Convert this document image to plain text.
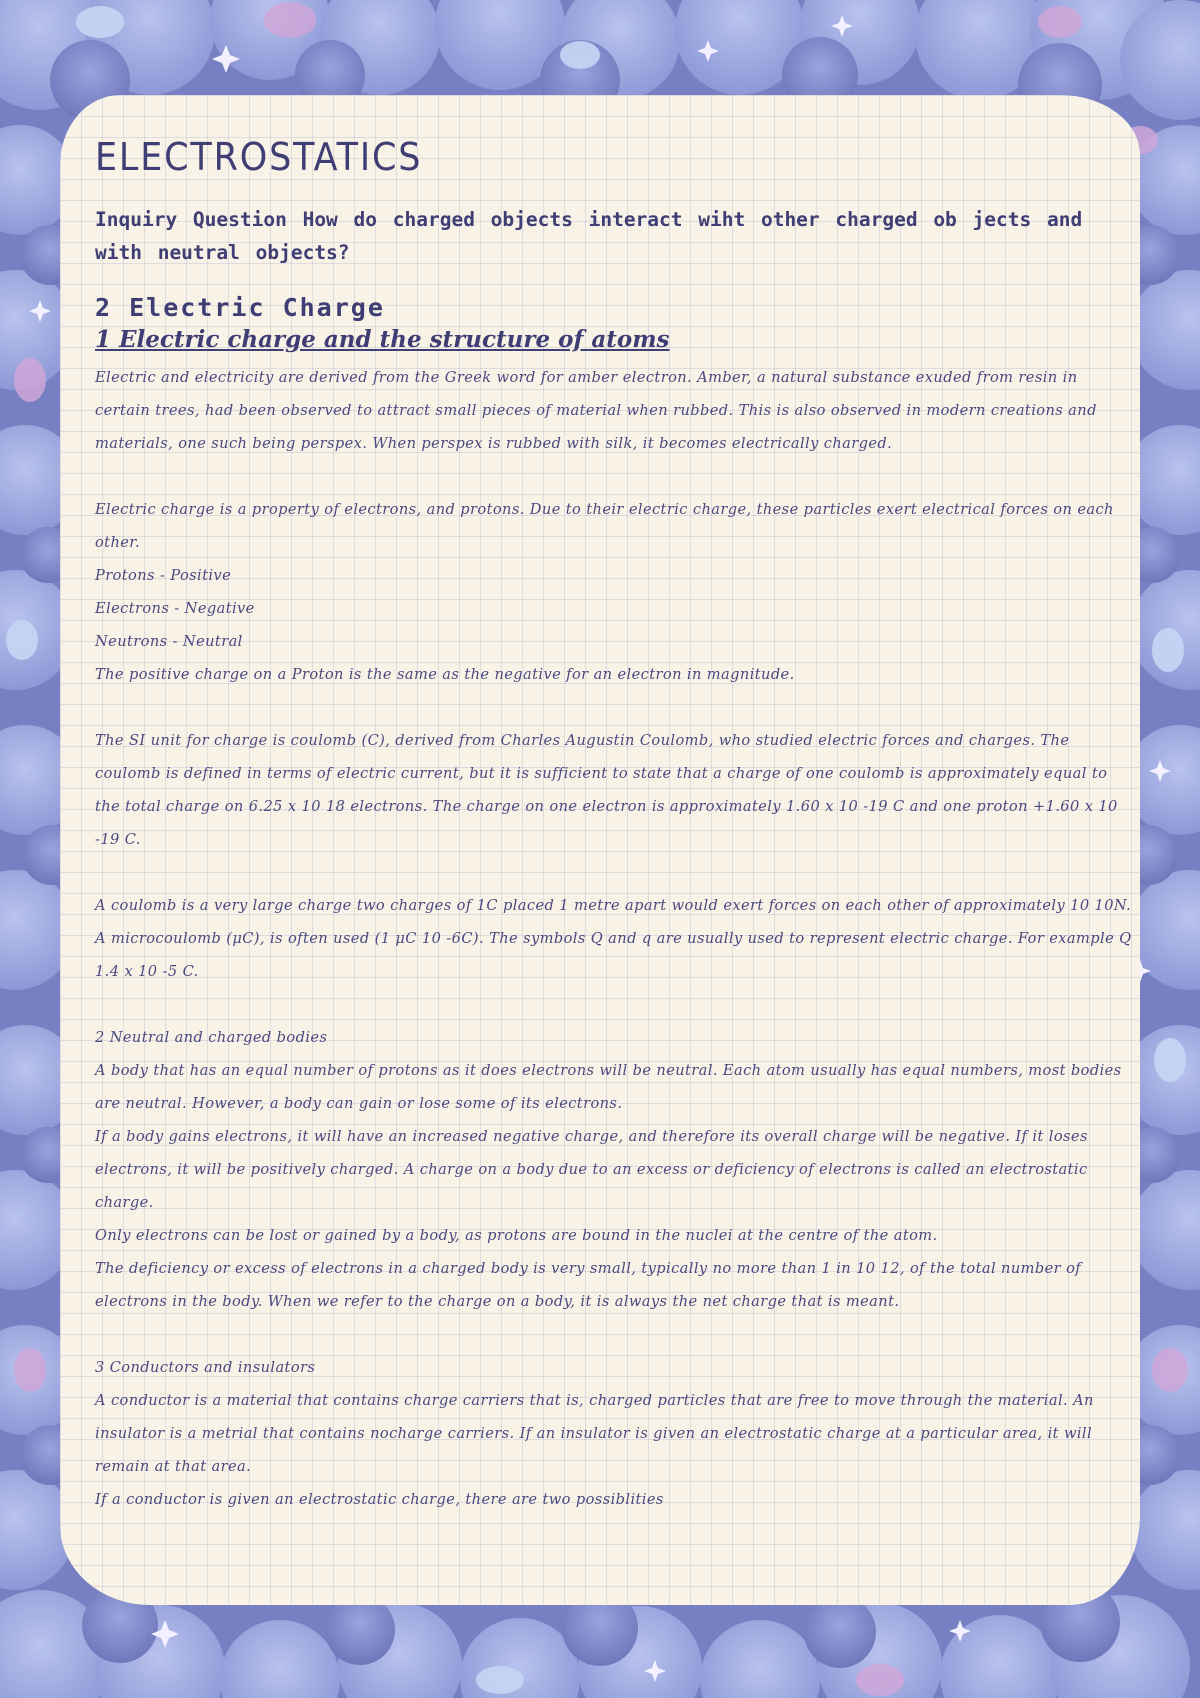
ELECTROSTATICS

Inquiry Question How do charged objects interact wiht other charged ob jects and with neutral objects?

2 Electric Charge
1 Electric charge and the structure of atoms

Electric and electricity are derived from the Greek word for amber electron. Amber, a natural substance exuded from resin in certain trees, had been observed to attract small pieces of material when rubbed. This is also observed in modern creations and materials, one such being perspex. When perspex is rubbed with silk, it becomes electrically charged.

Electric charge is a property of electrons, and protons. Due to their electric charge, these particles exert electrical forces on each other.

Protons - Positive

Electrons - Negative

Neutrons - Neutral

The positive charge on a Proton is the same as the negative for an electron in magnitude.

The SI unit for charge is coulomb (C), derived from Charles Augustin Coulomb, who studied electric forces and charges. The coulomb is defined in terms of electric current, but it is sufficient to state that a charge of one coulomb is approximately equal to the total charge on 6.25 x 10 18 electrons. The charge on one electron is approximately 1.60 x 10 -19 C and one proton +1.60 x 10 -19 C.

A coulomb is a very large charge two charges of 1C placed 1 metre apart would exert forces on each other of approximately 10 10N. A microcoulomb (μC), is often used (1 μC 10 -6C). The symbols Q and q are usually used to represent electric charge. For example Q 1.4 x 10 -5 C.

2 Neutral and charged bodies

A body that has an equal number of protons as it does electrons will be neutral. Each atom usually has equal numbers, most bodies are neutral. However, a body can gain or lose some of its electrons.

If a body gains electrons, it will have an increased negative charge, and therefore its overall charge will be negative. If it loses electrons, it will be positively charged. A charge on a body due to an excess or deficiency of electrons is called an electrostatic charge.

Only electrons can be lost or gained by a body, as protons are bound in the nuclei at the centre of the atom.

The deficiency or excess of electrons in a charged body is very small, typically no more than 1 in 10 12, of the total number of electrons in the body. When we refer to the charge on a body, it is always the net charge that is meant.

3 Conductors and insulators

A conductor is a material that contains charge carriers that is, charged particles that are free to move through the material. An insulator is a metrial that contains nocharge carriers. If an insulator is given an electrostatic charge at a particular area, it will remain at that area.

If a conductor is given an electrostatic charge, there are two possiblities
